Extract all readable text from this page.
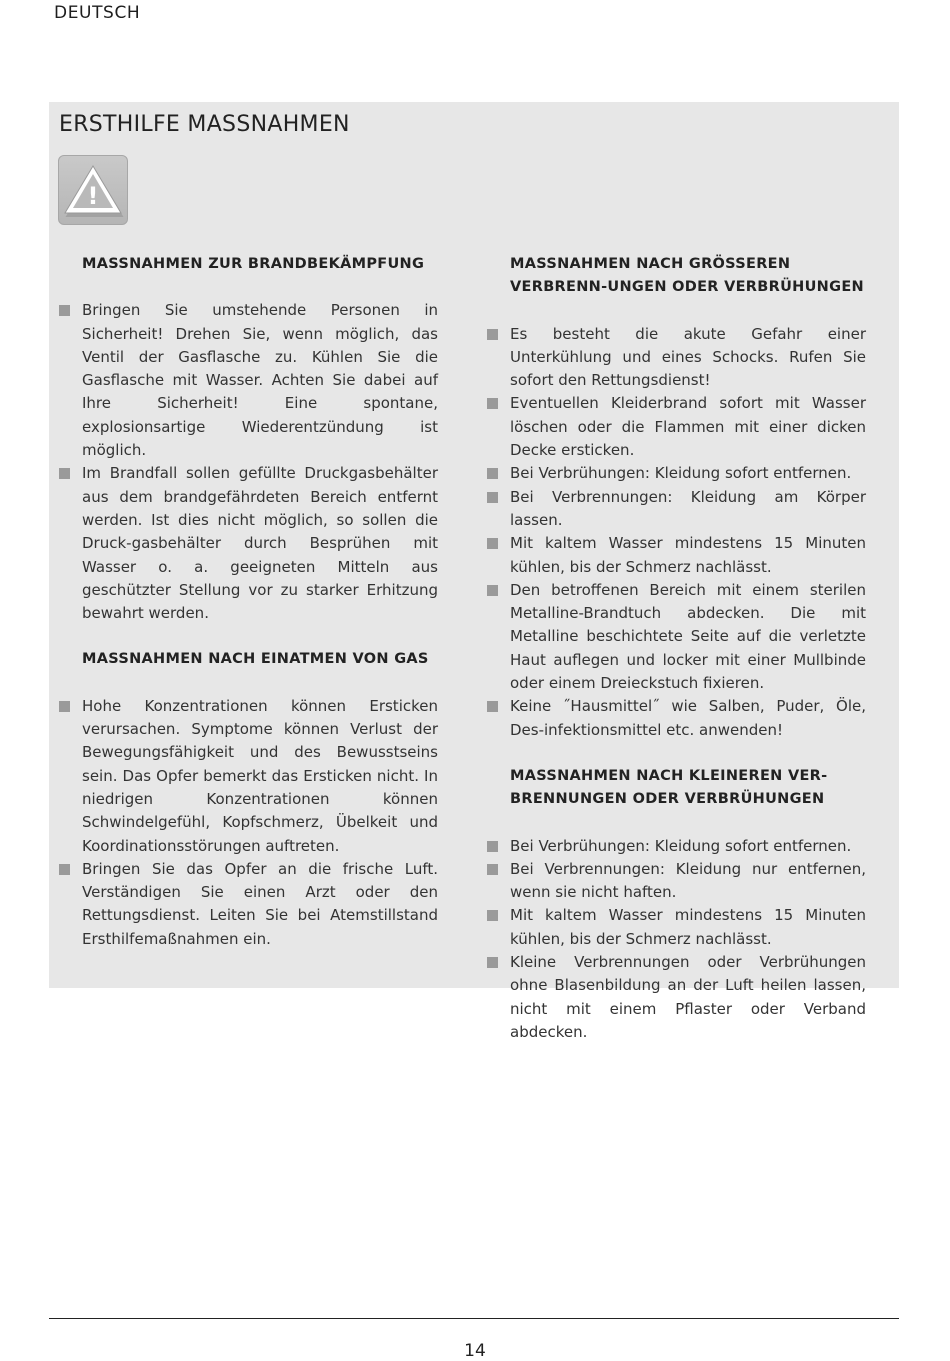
DEUTSCH
ERSTHILFE MASSNAHMEN
!
MASSNAHMEN ZUR BRANDBEKÄMPFUNG
Bringen Sie umstehende Personen in Sicherheit! Drehen Sie, wenn möglich, das Ventil der Gasflasche zu. Kühlen Sie die Gasflasche mit Wasser. Achten Sie dabei auf Ihre Sicherheit! Eine spontane, explosionsartige Wiederentzündung ist möglich.
Im Brandfall sollen gefüllte Druckgasbehälter aus dem brandgefährdeten Bereich entfernt werden. Ist dies nicht möglich, so sollen die Druck-gasbehälter durch Besprühen mit Wasser o. a. geeigneten Mitteln aus geschützter Stellung vor zu starker Erhitzung bewahrt werden.
MASSNAHMEN NACH EINATMEN VON GAS
Hohe Konzentrationen können Ersticken verursachen. Symptome können Verlust der Bewegungsfähigkeit und des Bewusstseins sein. Das Opfer bemerkt das Ersticken nicht. In niedrigen Konzentrationen können Schwindelgefühl, Kopfschmerz, Übelkeit und Koordinationsstörungen auftreten.
Bringen Sie das Opfer an die frische Luft. Verständigen Sie einen Arzt oder den Rettungsdienst. Leiten Sie bei Atemstillstand Ersthilfemaßnahmen ein.
MASSNAHMEN NACH GRÖSSEREN VERBRENN-UNGEN ODER VERBRÜHUNGEN
Es besteht die akute Gefahr einer Unterkühlung und eines Schocks. Rufen Sie sofort den Rettungsdienst!
Eventuellen Kleiderbrand sofort mit Wasser löschen oder die Flammen mit einer dicken Decke ersticken.
Bei Verbrühungen: Kleidung sofort entfernen.
Bei Verbrennungen: Kleidung am Körper lassen.
Mit kaltem Wasser mindestens 15 Minuten kühlen, bis der Schmerz nachlässt.
Den betroffenen Bereich mit einem sterilen Metalline-Brandtuch abdecken. Die mit Metalline beschichtete Seite auf die verletzte Haut auflegen und locker mit einer Mullbinde oder einem Dreieckstuch fixieren.
Keine ˝Hausmittel˝ wie Salben, Puder, Öle, Des-infektionsmittel etc. anwenden!
MASSNAHMEN NACH KLEINEREN VER-BRENNUNGEN ODER VERBRÜHUNGEN
Bei Verbrühungen: Kleidung sofort entfernen.
Bei Verbrennungen: Kleidung nur entfernen, wenn sie nicht haften.
Mit kaltem Wasser mindestens 15 Minuten kühlen, bis der Schmerz nachlässt.
Kleine Verbrennungen oder Verbrühungen ohne Blasenbildung an der Luft heilen lassen, nicht mit einem Pflaster oder Verband abdecken.
14
